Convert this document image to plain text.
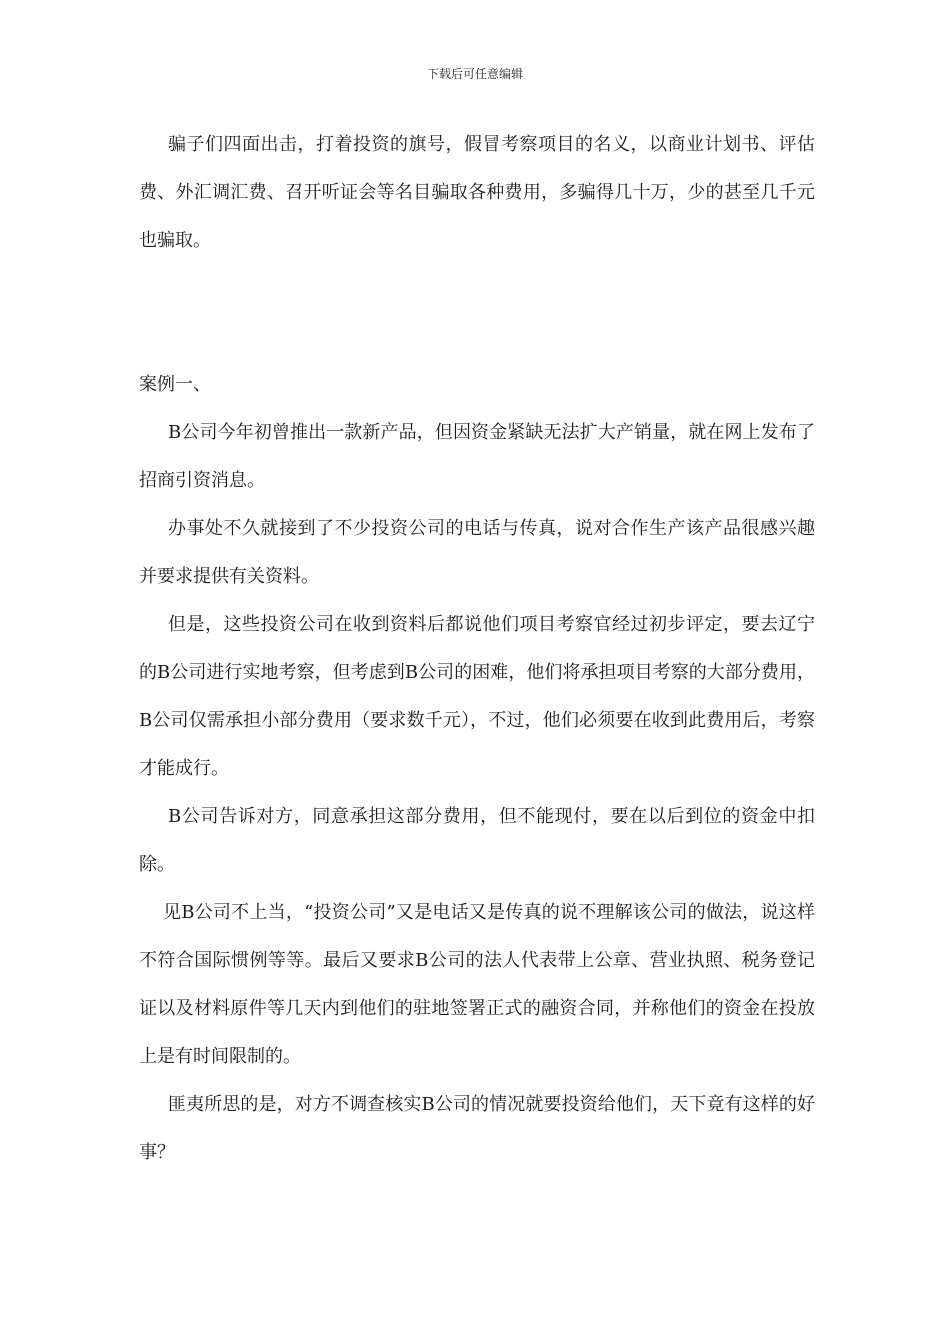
下载后可任意编辑

骗子们四面出击，打着投资的旗号，假冒考察项目的名义，以商业计划书、评估费、外汇调汇费、召开听证会等名目骗取各种费用，多骗得几十万，少的甚至几千元也骗取。

案例一、

B公司今年初曾推出一款新产品，但因资金紧缺无法扩大产销量，就在网上发布了招商引资消息。

办事处不久就接到了不少投资公司的电话与传真，说对合作生产该产品很感兴趣并要求提供有关资料。

但是，这些投资公司在收到资料后都说他们项目考察官经过初步评定，要去辽宁的B公司进行实地考察，但考虑到B公司的困难，他们将承担项目考察的大部分费用，B公司仅需承担小部分费用（要求数千元），不过，他们必须要在收到此费用后，考察才能成行。

B公司告诉对方，同意承担这部分费用，但不能现付，要在以后到位的资金中扣除。

见B公司不上当，“投资公司”又是电话又是传真的说不理解该公司的做法，说这样不符合国际惯例等等。最后又要求B公司的法人代表带上公章、营业执照、税务登记证以及材料原件等几天内到他们的驻地签署正式的融资合同，并称他们的资金在投放上是有时间限制的。

匪夷所思的是，对方不调查核实B公司的情况就要投资给他们，天下竟有这样的好事？
